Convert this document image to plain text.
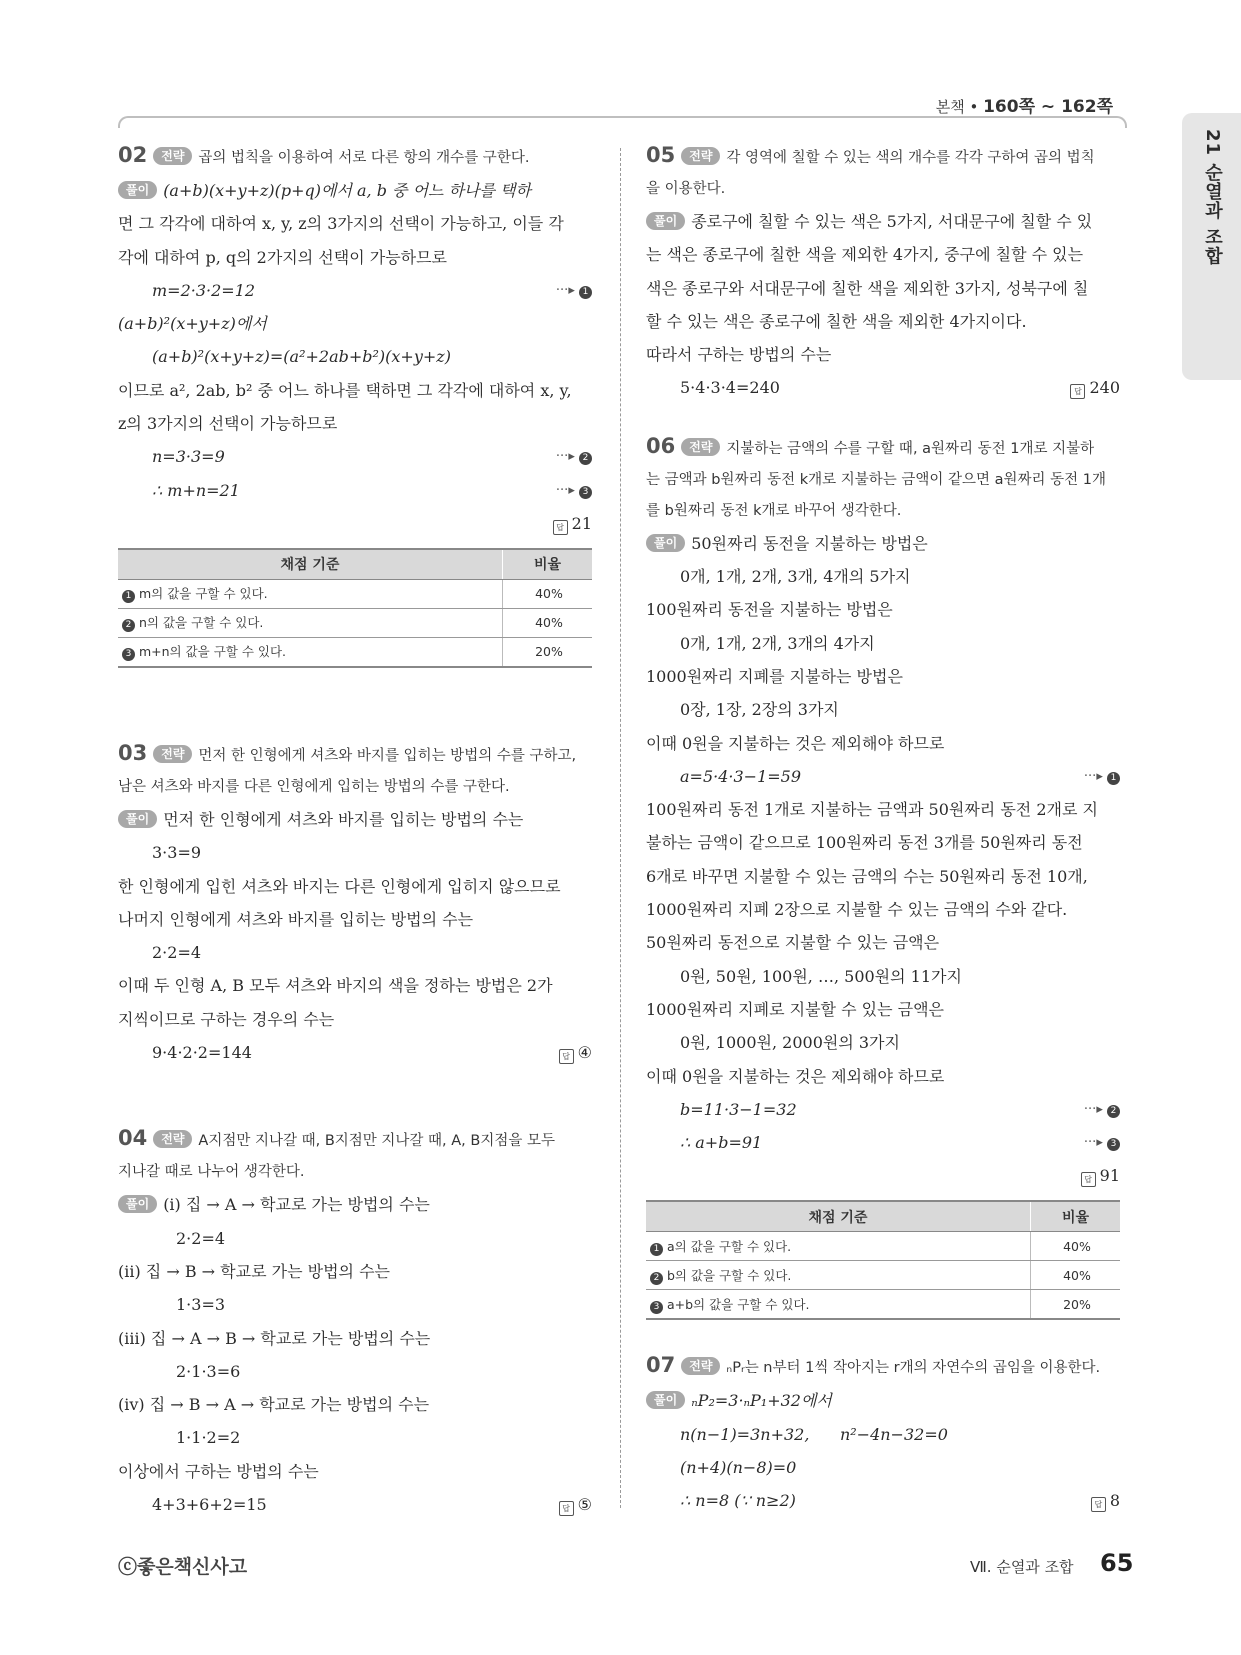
본책 • 160쪽 ~ 162쪽
21 순열과 조합
02 전략 곱의 법칙을 이용하여 서로 다른 항의 개수를 구한다.
풀이 (a+b)(x+y+z)(p+q)에서 a, b 중 어느 하나를 택하
면 그 각각에 대하여 x, y, z의 3가지의 선택이 가능하고, 이들 각
각에 대하여 p, q의 2가지의 선택이 가능하므로
m=2·3·2=12	···▸ 1
(a+b)²(x+y+z)에서
(a+b)²(x+y+z)=(a²+2ab+b²)(x+y+z)
이므로 a², 2ab, b² 중 어느 하나를 택하면 그 각각에 대하여 x, y,
z의 3가지의 선택이 가능하므로
n=3·3=9	···▸ 2
∴ m+n=21	···▸ 3
답 21
채점 기준	비율
1 m의 값을 구할 수 있다.	40%
2 n의 값을 구할 수 있다.	40%
3 m+n의 값을 구할 수 있다.	20%
03 전략 먼저 한 인형에게 셔츠와 바지를 입히는 방법의 수를 구하고,
남은 셔츠와 바지를 다른 인형에게 입히는 방법의 수를 구한다.
풀이 먼저 한 인형에게 셔츠와 바지를 입히는 방법의 수는
3·3=9
한 인형에게 입힌 셔츠와 바지는 다른 인형에게 입히지 않으므로
나머지 인형에게 셔츠와 바지를 입히는 방법의 수는
2·2=4
이때 두 인형 A, B 모두 셔츠와 바지의 색을 정하는 방법은 2가
지씩이므로 구하는 경우의 수는
9·4·2·2=144	답 ④
04 전략 A지점만 지나갈 때, B지점만 지나갈 때, A, B지점을 모두
지나갈 때로 나누어 생각한다.
풀이 (ⅰ) 집 → A → 학교로 가는 방법의 수는
2·2=4
(ⅱ) 집 → B → 학교로 가는 방법의 수는
1·3=3
(ⅲ) 집 → A → B → 학교로 가는 방법의 수는
2·1·3=6
(ⅳ) 집 → B → A → 학교로 가는 방법의 수는
1·1·2=2
이상에서 구하는 방법의 수는
4+3+6+2=15	답 ⑤
05 전략 각 영역에 칠할 수 있는 색의 개수를 각각 구하여 곱의 법칙
을 이용한다.
풀이 종로구에 칠할 수 있는 색은 5가지, 서대문구에 칠할 수 있
는 색은 종로구에 칠한 색을 제외한 4가지, 중구에 칠할 수 있는
색은 종로구와 서대문구에 칠한 색을 제외한 3가지, 성북구에 칠
할 수 있는 색은 종로구에 칠한 색을 제외한 4가지이다.
따라서 구하는 방법의 수는
5·4·3·4=240	답 240
06 전략 지불하는 금액의 수를 구할 때, a원짜리 동전 1개로 지불하
는 금액과 b원짜리 동전 k개로 지불하는 금액이 같으면 a원짜리 동전 1개
를 b원짜리 동전 k개로 바꾸어 생각한다.
풀이 50원짜리 동전을 지불하는 방법은
0개, 1개, 2개, 3개, 4개의 5가지
100원짜리 동전을 지불하는 방법은
0개, 1개, 2개, 3개의 4가지
1000원짜리 지폐를 지불하는 방법은
0장, 1장, 2장의 3가지
이때 0원을 지불하는 것은 제외해야 하므로
a=5·4·3−1=59	···▸ 1
100원짜리 동전 1개로 지불하는 금액과 50원짜리 동전 2개로 지
불하는 금액이 같으므로 100원짜리 동전 3개를 50원짜리 동전
6개로 바꾸면 지불할 수 있는 금액의 수는 50원짜리 동전 10개,
1000원짜리 지폐 2장으로 지불할 수 있는 금액의 수와 같다.
50원짜리 동전으로 지불할 수 있는 금액은
0원, 50원, 100원, …, 500원의 11가지
1000원짜리 지폐로 지불할 수 있는 금액은
0원, 1000원, 2000원의 3가지
이때 0원을 지불하는 것은 제외해야 하므로
b=11·3−1=32	···▸ 2
∴ a+b=91	···▸ 3
답 91
채점 기준	비율
1 a의 값을 구할 수 있다.	40%
2 b의 값을 구할 수 있다.	40%
3 a+b의 값을 구할 수 있다.	20%
07 전략 ₙPᵣ는 n부터 1씩 작아지는 r개의 자연수의 곱임을 이용한다.
풀이 ₙP₂=3·ₙP₁+32에서
n(n−1)=3n+32,      n²−4n−32=0
(n+4)(n−8)=0
∴ n=8 (∵ n≥2)	답 8
ⓒ좋은책신사고	Ⅶ. 순열과 조합 65
